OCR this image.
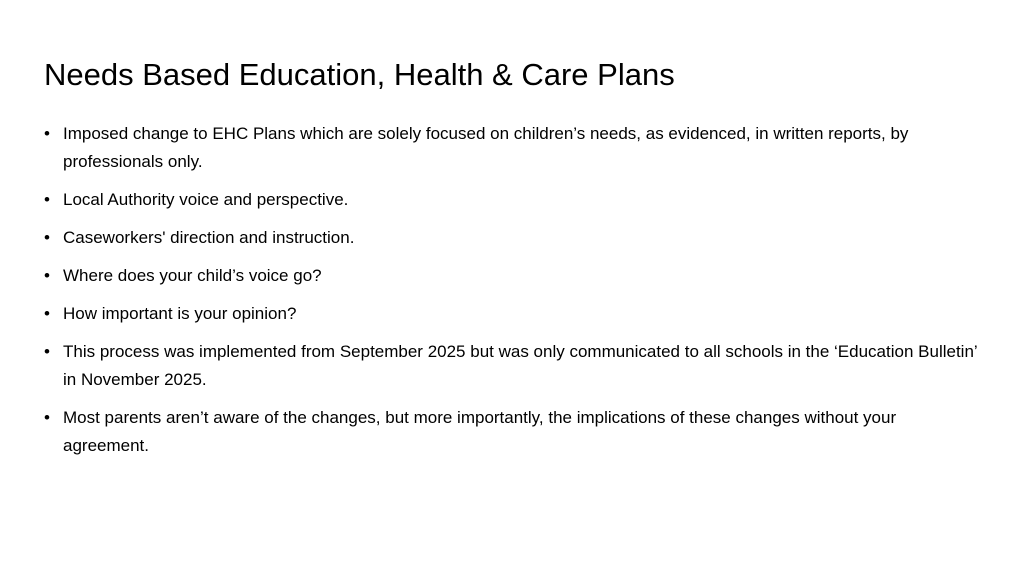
Needs Based Education, Health & Care Plans
• Imposed change to EHC Plans which are solely focused on children’s needs, as evidenced, in written reports, by professionals only.
• Local Authority voice and perspective.
• Caseworkers' direction and instruction.
• Where does your child’s voice go?
• How important is your opinion?
• This process was implemented from September 2025 but was only communicated to all schools in the ‘Education Bulletin’ in November 2025.
• Most parents aren’t aware of the changes, but more importantly, the implications of these changes without your agreement.
